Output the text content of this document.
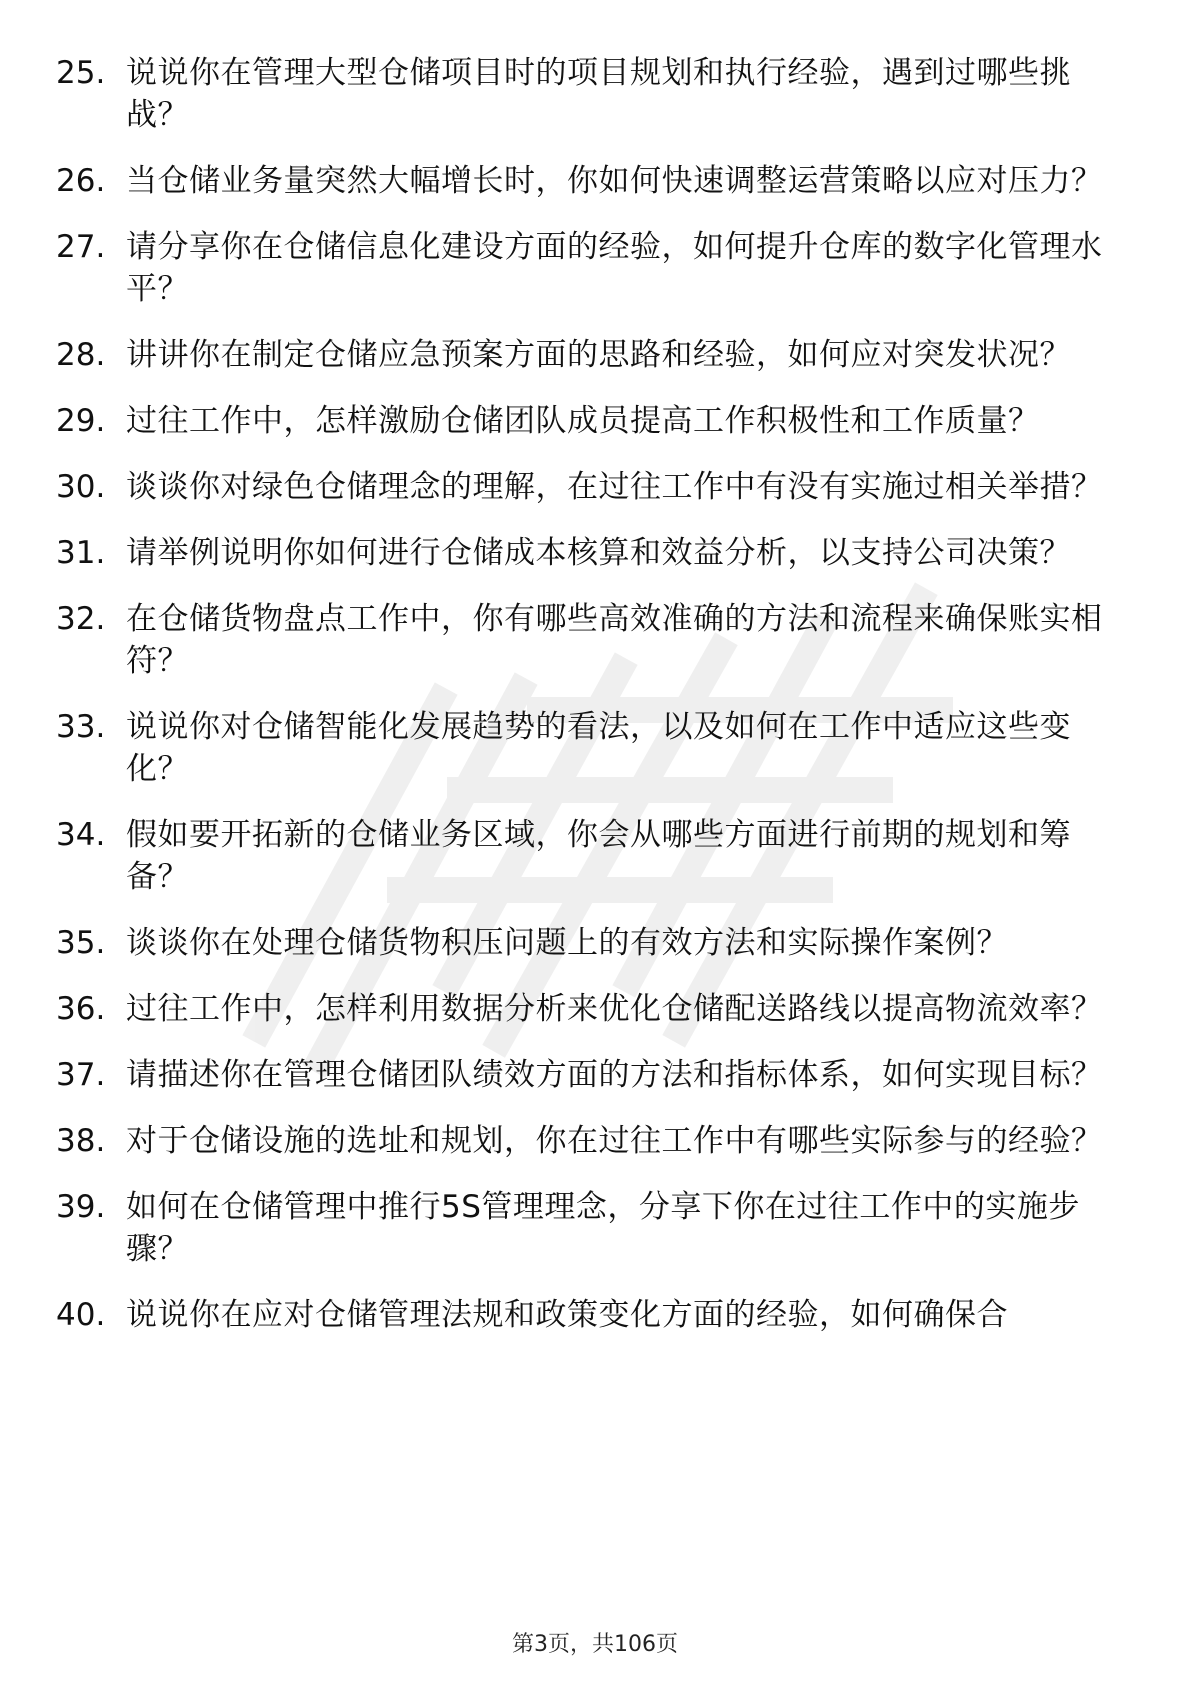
25. 说说你在管理大型仓储项目时的项目规划和执行经验，遇到过哪些挑战？
26. 当仓储业务量突然大幅增长时，你如何快速调整运营策略以应对压力？
27. 请分享你在仓储信息化建设方面的经验，如何提升仓库的数字化管理水平？
28. 讲讲你在制定仓储应急预案方面的思路和经验，如何应对突发状况？
29. 过往工作中，怎样激励仓储团队成员提高工作积极性和工作质量？
30. 谈谈你对绿色仓储理念的理解，在过往工作中有没有实施过相关举措？
31. 请举例说明你如何进行仓储成本核算和效益分析，以支持公司决策？
32. 在仓储货物盘点工作中，你有哪些高效准确的方法和流程来确保账实相符？
33. 说说你对仓储智能化发展趋势的看法，以及如何在工作中适应这些变化？
34. 假如要开拓新的仓储业务区域，你会从哪些方面进行前期的规划和筹备？
35. 谈谈你在处理仓储货物积压问题上的有效方法和实际操作案例？
36. 过往工作中，怎样利用数据分析来优化仓储配送路线以提高物流效率？
37. 请描述你在管理仓储团队绩效方面的方法和指标体系，如何实现目标？
38. 对于仓储设施的选址和规划，你在过往工作中有哪些实际参与的经验？
39. 如何在仓储管理中推行5S管理理念，分享下你在过往工作中的实施步骤？
40. 说说你在应对仓储管理法规和政策变化方面的经验，如何确保合
第3页，共106页
